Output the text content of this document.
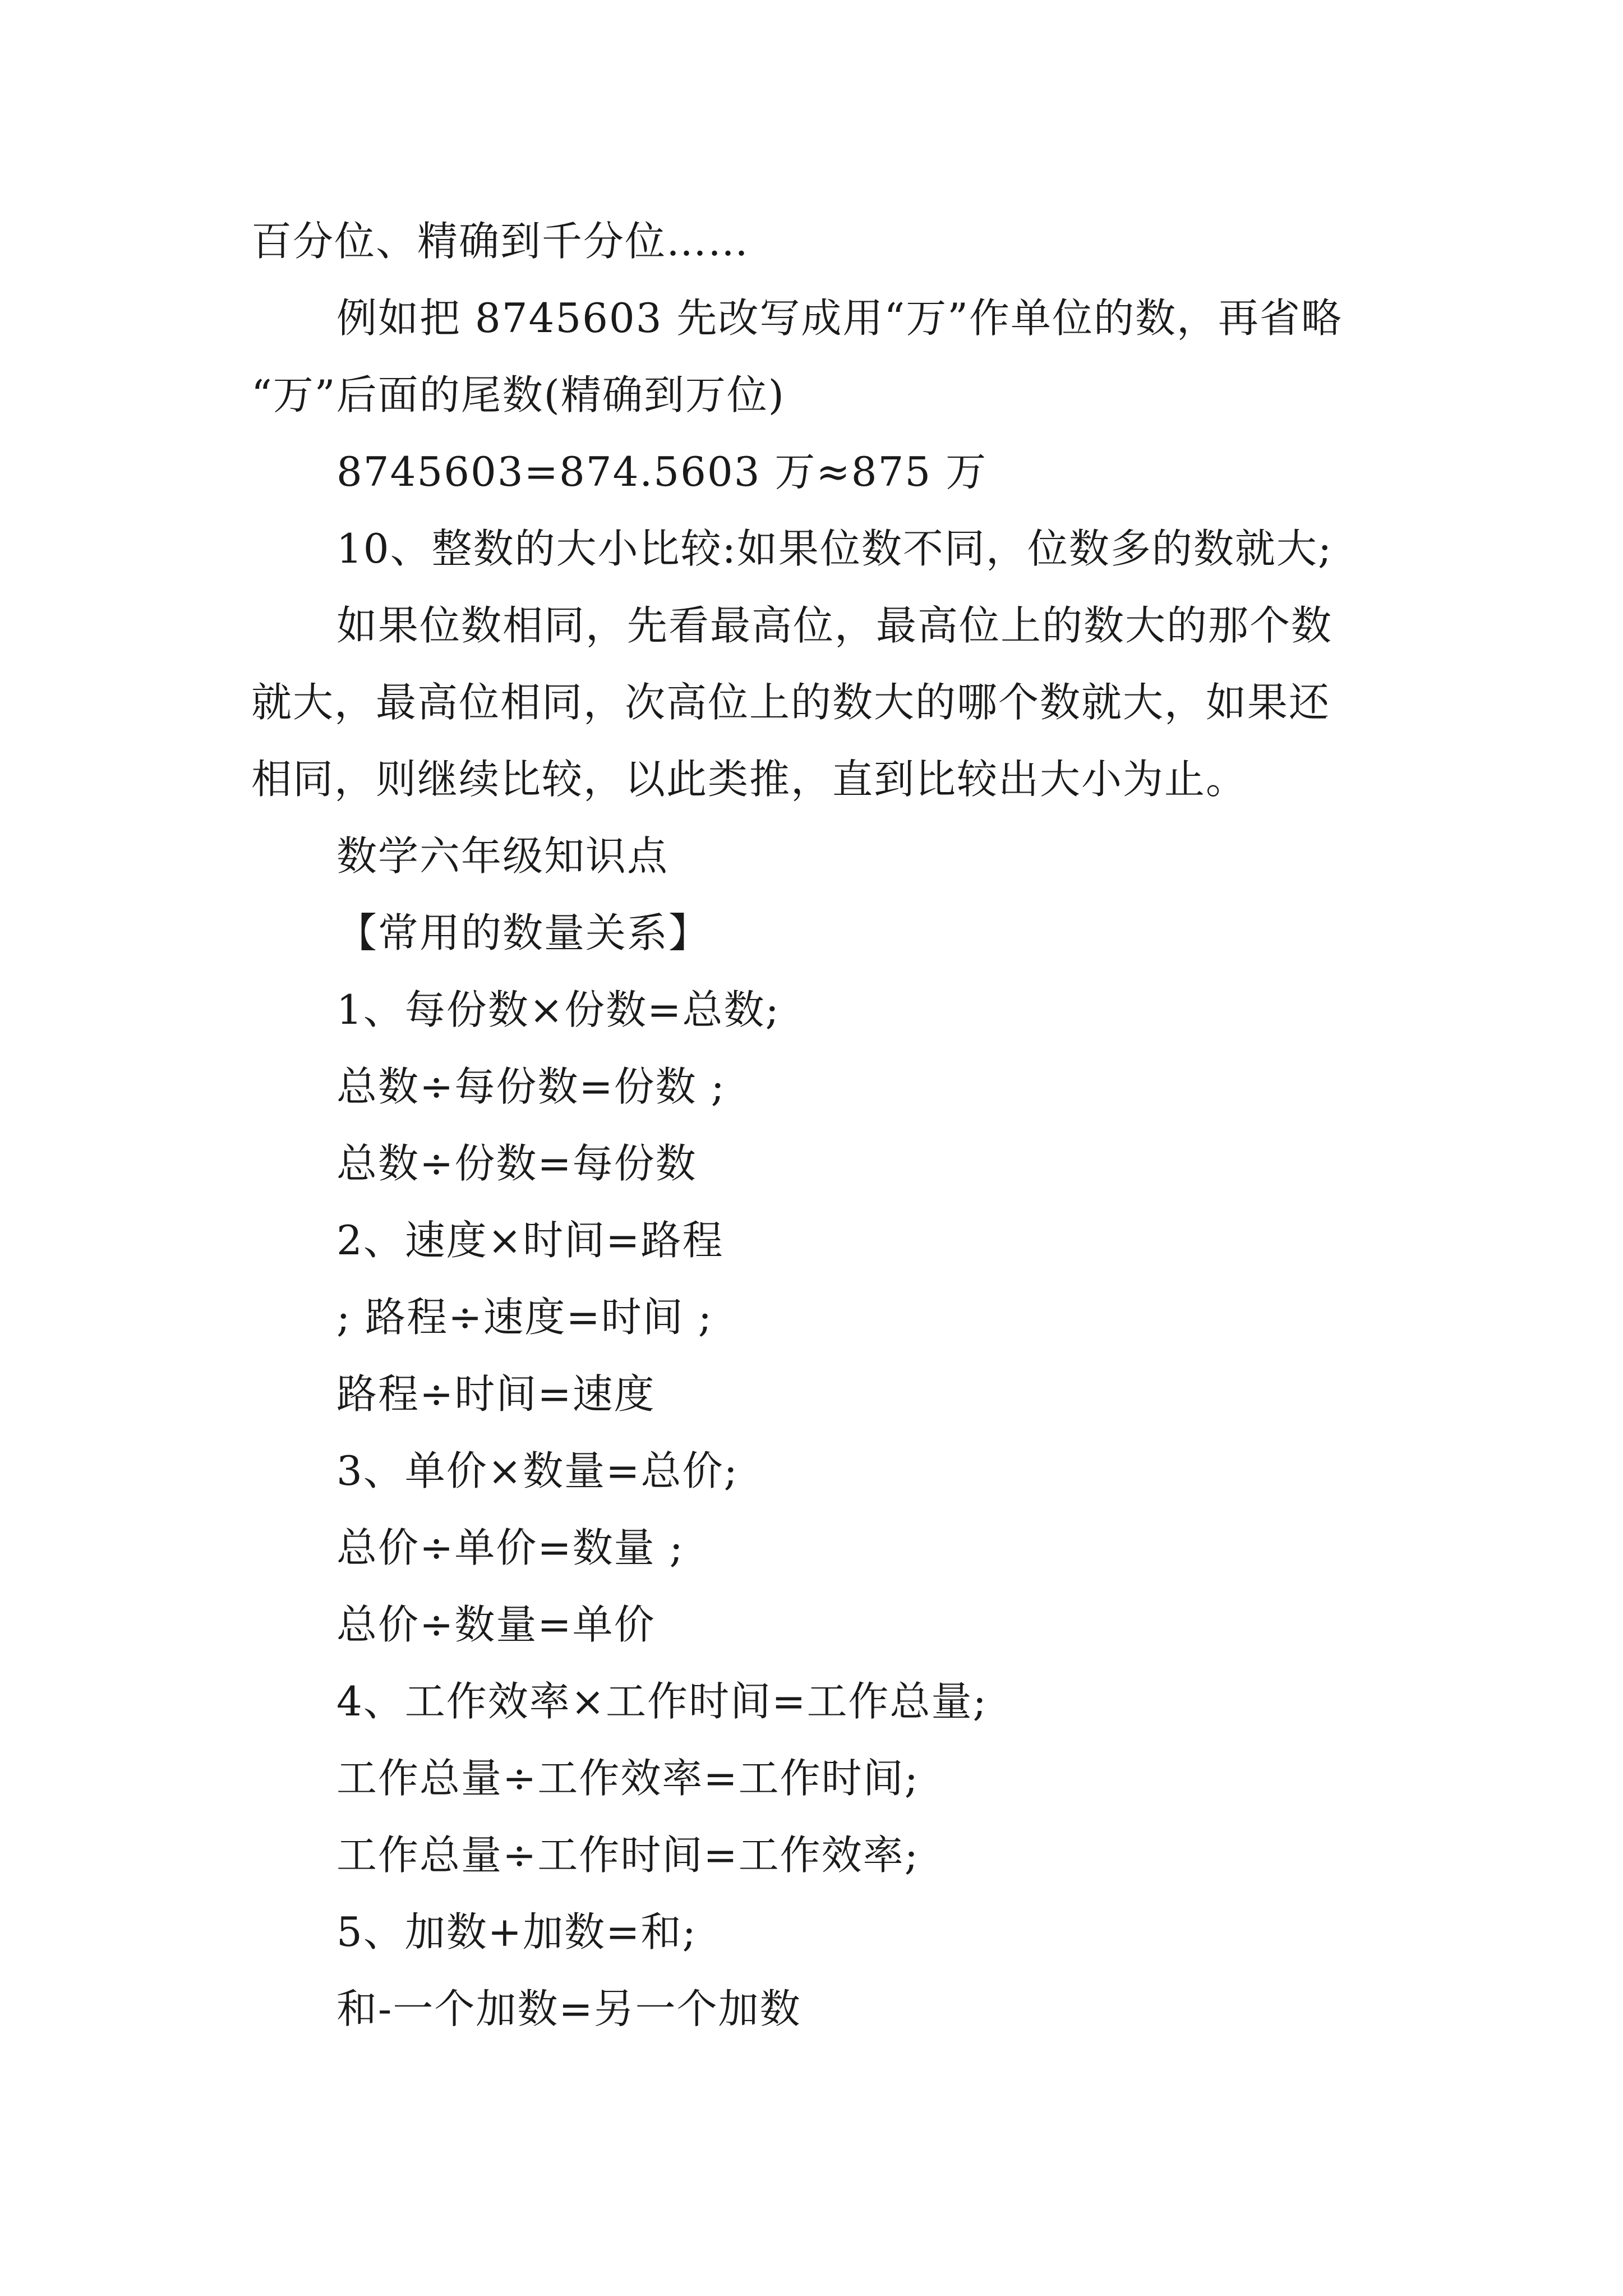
百分位、精确到千分位……
例如把 8745603 先改写成用“万”作单位的数，再省略
“万”后面的尾数(精确到万位)
8745603=874.5603 万≈875 万
10、整数的大小比较:如果位数不同，位数多的数就大;
如果位数相同，先看最高位，最高位上的数大的那个数
就大，最高位相同，次高位上的数大的哪个数就大，如果还
相同，则继续比较，以此类推，直到比较出大小为止。
数学六年级知识点
【常用的数量关系】
1、每份数×份数=总数;
总数÷每份数=份数 ;
总数÷份数=每份数
2、速度×时间=路程
; 路程÷速度=时间 ;
路程÷时间=速度
3、单价×数量=总价;
总价÷单价=数量 ;
总价÷数量=单价
4、工作效率×工作时间=工作总量;
工作总量÷工作效率=工作时间;
工作总量÷工作时间=工作效率;
5、加数+加数=和;
和-一个加数=另一个加数
